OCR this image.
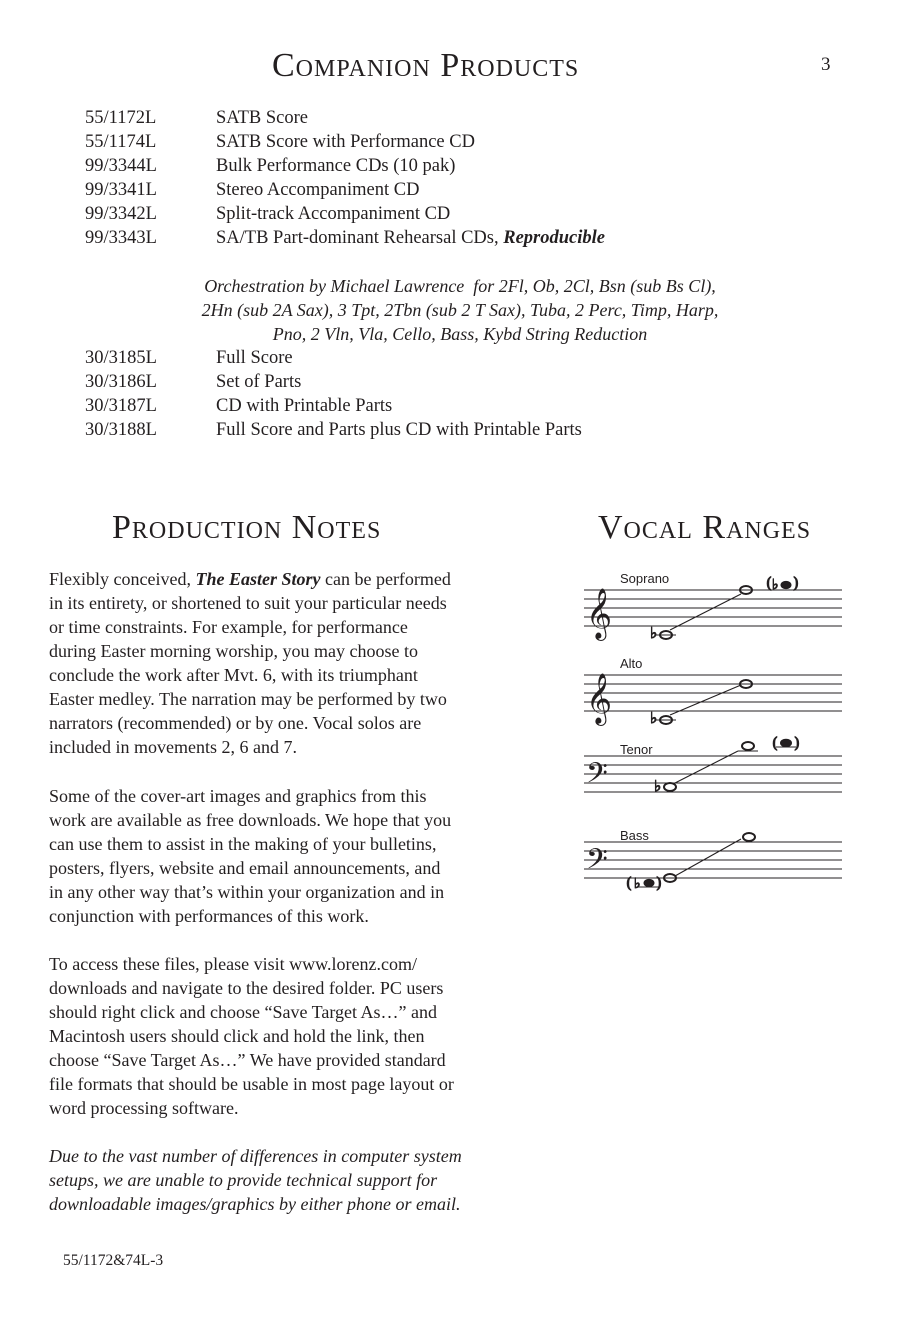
Companion Products	3
55/1172L	SATB Score
55/1174L	SATB Score with Performance CD
99/3344L	Bulk Performance CDs (10 pak)
99/3341L	Stereo Accompaniment CD
99/3342L	Split-track Accompaniment CD
99/3343L	SA/TB Part-dominant Rehearsal CDs, Reproducible
Orchestration by Michael Lawrence  for 2Fl, Ob, 2Cl, Bsn (sub Bs Cl),
2Hn (sub 2A Sax), 3 Tpt, 2Tbn (sub 2 T Sax), Tuba, 2 Perc, Timp, Harp,
Pno, 2 Vln, Vla, Cello, Bass, Kybd String Reduction
30/3185L	Full Score
30/3186L	Set of Parts
30/3187L	CD with Printable Parts
30/3188L	Full Score and Parts plus CD with Printable Parts
Production Notes	Vocal Ranges
Flexibly conceived, The Easter Story can be performed
in its entirety, or shortened to suit your particular needs
or time constraints. For example, for performance
during Easter morning worship, you may choose to
conclude the work after Mvt. 6, with its triumphant
Easter medley. The narration may be performed by two
narrators (recommended) or by one. Vocal solos are
included in movements 2, 6 and 7.
Some of the cover-art images and graphics from this
work are available as free downloads. We hope that you
can use them to assist in the making of your bulletins,
posters, flyers, website and email announcements, and
in any other way that’s within your organization and in
conjunction with performances of this work.
To access these files, please visit www.lorenz.com/
downloads and navigate to the desired folder. PC users
should right click and choose “Save Target As…” and
Macintosh users should click and hold the link, then
choose “Save Target As…” We have provided standard
file formats that should be usable in most page layout or
word processing software.
Due to the vast number of differences in computer system
setups, we are unable to provide technical support for
downloadable images/graphics by either phone or email.
Soprano
Alto
Tenor
Bass
𝄞
𝄞
𝄢
𝄢
♭
( ♭ )
♭
♭
( )
( ♭ )
55/1172&74L-3
